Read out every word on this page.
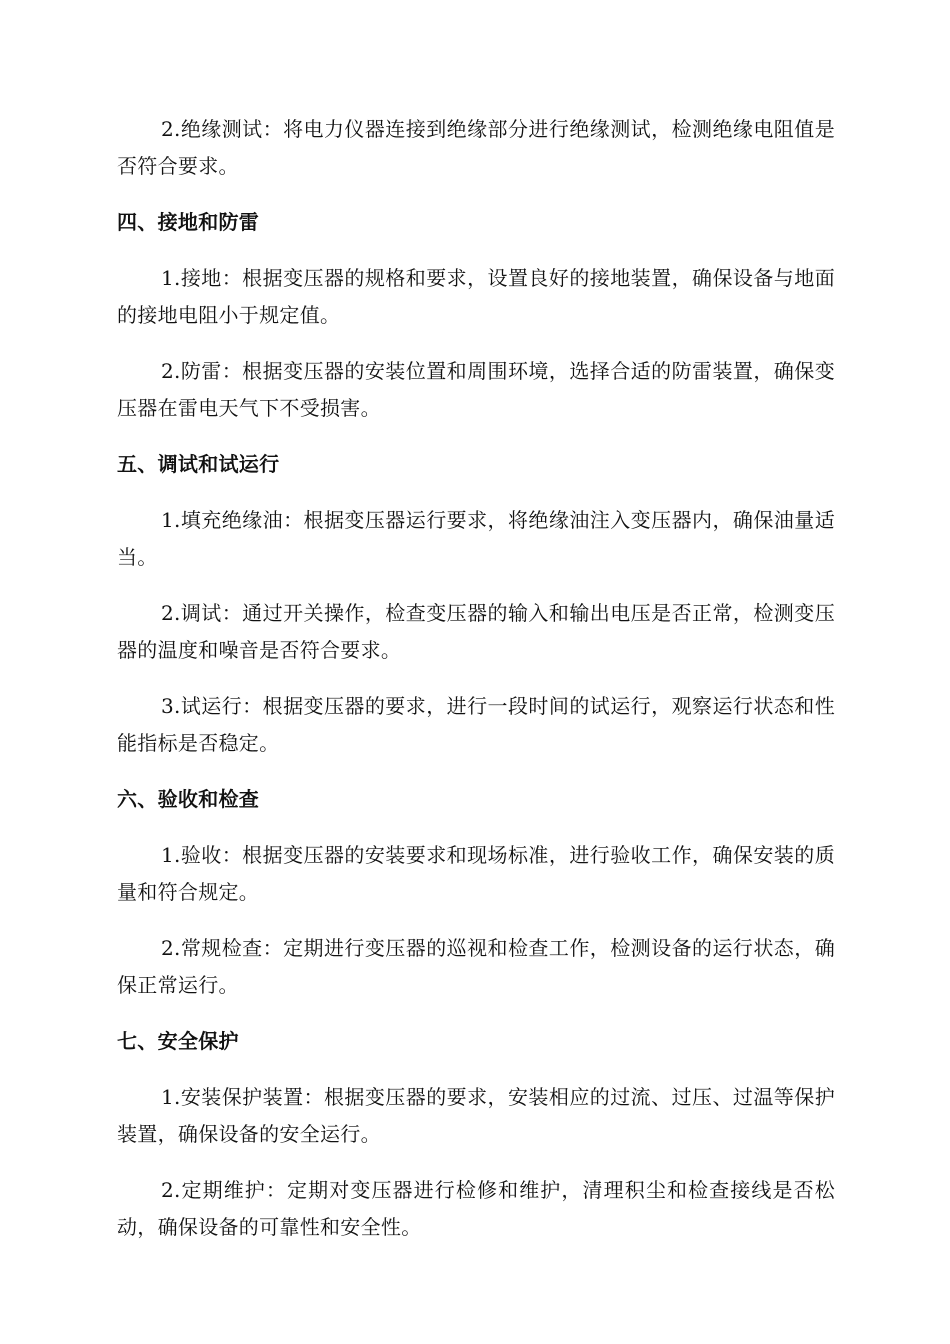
2.绝缘测试：将电力仪器连接到绝缘部分进行绝缘测试，检测绝缘电阻值是否符合要求。

四、接地和防雷

1.接地：根据变压器的规格和要求，设置良好的接地装置，确保设备与地面的接地电阻小于规定值。

2.防雷：根据变压器的安装位置和周围环境，选择合适的防雷装置，确保变压器在雷电天气下不受损害。

五、调试和试运行

1.填充绝缘油：根据变压器运行要求，将绝缘油注入变压器内，确保油量适当。

2.调试：通过开关操作，检查变压器的输入和输出电压是否正常，检测变压器的温度和噪音是否符合要求。

3.试运行：根据变压器的要求，进行一段时间的试运行，观察运行状态和性能指标是否稳定。

六、验收和检查

1.验收：根据变压器的安装要求和现场标准，进行验收工作，确保安装的质量和符合规定。

2.常规检查：定期进行变压器的巡视和检查工作，检测设备的运行状态，确保正常运行。

七、安全保护

1.安装保护装置：根据变压器的要求，安装相应的过流、过压、过温等保护装置，确保设备的安全运行。

2.定期维护：定期对变压器进行检修和维护，清理积尘和检查接线是否松动，确保设备的可靠性和安全性。
